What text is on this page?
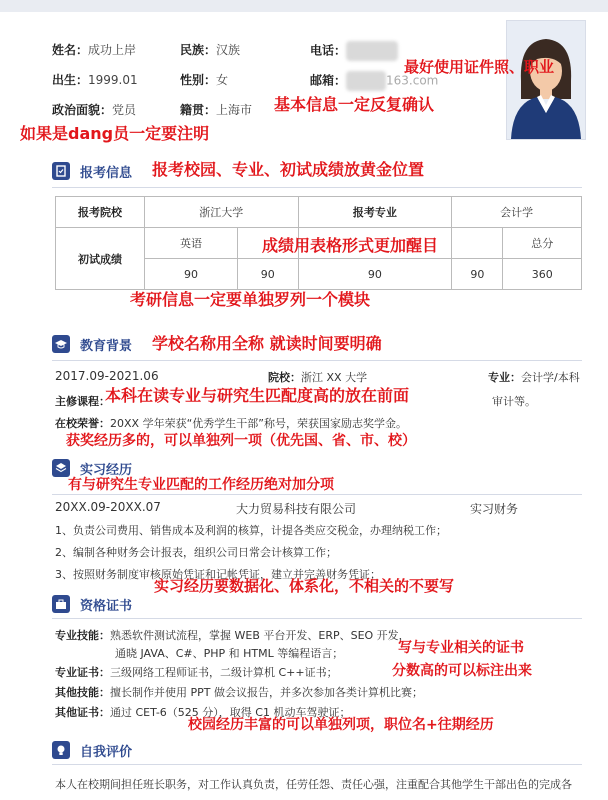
姓名：成功上岸	民族：汉族	电话：
出生：1999.01	性别：女	邮箱：	163.com
政治面貌：党员	籍贯：上海市
最好使用证件照、职业
基本信息一定反复确认
如果是dang员一定要注明
报考信息 报考校园、专业、初试成绩放黄金位置
报考院校	浙江大学		报考专业	会计学	
初试成绩	英语				总分
	90	90	90	90	360
成绩用表格形式更加醒目
考研信息一定要单独罗列一个模块
教育背景 学校名称用全称 就读时间要明确
2017.09-2021.06	院校：浙江 XX 大学	专业：会计学/本科
主修课程：	审计等。
本科在读专业与研究生匹配度高的放在前面
在校荣誉：20XX 学年荣获“优秀学生干部”称号，荣获国家励志奖学金。
获奖经历多的，可以单独列一项（优先国、省、市、校）
实习经历
有与研究生专业匹配的工作经历绝对加分项
20XX.09-20XX.07	大力贸易科技有限公司	实习财务
1、负责公司费用、销售成本及利润的核算，计提各类应交税金，办理纳税工作；
2、编制各种财务会计报表，组织公司日常会计核算工作；
3、按照财务制度审核原始凭证和记帐凭证，建立并完善财务凭证；
实习经历要数据化、体系化，不相关的不要写
资格证书
专业技能：熟悉软件测试流程，掌握 WEB 平台开发、ERP、SEO 开发，
通晓 JAVA、C#、PHP 和 HTML 等编程语言；
专业证书：三级网络工程师证书，二级计算机 C++证书；
其他技能：擅长制作并使用 PPT 做会议报告，并多次参加各类计算机比赛；
其他证书：通过 CET-6（525 分），取得 C1 机动车驾驶证；
写与专业相关的证书
分数高的可以标注出来
校园经历丰富的可以单独列项，职位名+往期经历
自我评价
本人在校期间担任班长职务，对工作认真负责，任劳任怨、责任心强，注重配合其他学生干部出色的完成各
